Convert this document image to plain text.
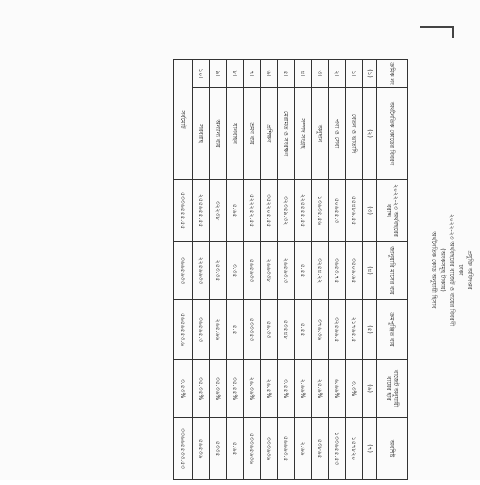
প্রযুক্তি অধিদপ্তর
ঢাকা
২০২২-২৩ অর্থবছরের বাজেট ও ব্যয়ের বিবরণী
(অংকসমূহ টাকায়)
অর্থনৈতিক কোড অনুযায়ী হিসাব
ক্রমিক নং	অর্থনৈতিক কোডের বিবরণ	২০২২-২৩ অর্থবছরের বরাদ্দ	জানুয়ারি মাসের ব্যয়	ক্রমপুঞ্জিত ব্যয়	বাজেট অনুযায়ী ব্যয়ের হার	অবশিষ্ট
(১)	(২)	(৩)	(৪)	(৫)	(৬)	(৭)
১।	বেতন ও ভাতাদি	৫৫৪৮৬.৫৫	৩৫০৬.৬৫	২১৭৬৫.৫	৩.৩%	১৫৭৮২০
২।	পণ্য ও সেবা	৫০৬৫৫.৩	৩৬৫৩.৭৫	৩২৫৬৬.৫	৬.৬৬%	১৩৩৬৫৫.৫৩
৩।	অনুদান	১৩৬৩৫.৫৬	৩২৫৪.২২	৩৭৬.৩৬	২৫.৬%	৫৩৮৬৫
৪।	সম্পদ সংগ্রহ	২২৫৫৫৫.৫৫	৫.৫৫	৫.৫৫	২.৬৬%	২.৬৬
৫।	মেরামত ও সংরক্ষণ	৩২৩৫৯.৩২	২৬৫৬৩.৩	৫৩৫৪৮	৩.৫৫%	৫৬৬৬৩.৫
৬।	প্রশিক্ষণ	৩৫২২০৫.৫৫	২৬৬৩৩৮	৫৬.৩৩	২৬.৫%	৩৩৩৬৩৬
৭।	ভ্রমণ ব্যয়	৫২২২৫২.৫৫	৫৬৫৬৩৩	৫৩৩৩৫৩	২৬.৩৬%	৫৩৩৬৫৬৩৬
৮।	যানবাহন	৫.৬৫	৩.৩৫	৫.৫	৩৫.৫৫%	৫.৬৫
৯।	অন্যান্য ব্যয়	৩২২৩৮	২৫৩.৩৫	২৬৫.৬৬	৩৫.৩৬%	৫৩৩৫
১০।	সরবরাহ	২৫৫৬৫৫.৫৫	২২৫৬৬৩৩	৩৬৫৬৫.৩	৩৫.৩৫%	৫৬৫৩৬
সর্বমোট		৫৩৩৬৫৫৫.৫৫	৩৬৬৫৬৩৩	৫৬৫৬৫৫৩.৬	৩.৫৩%	৩৩৬৬৫৫৩৩.৫৩
